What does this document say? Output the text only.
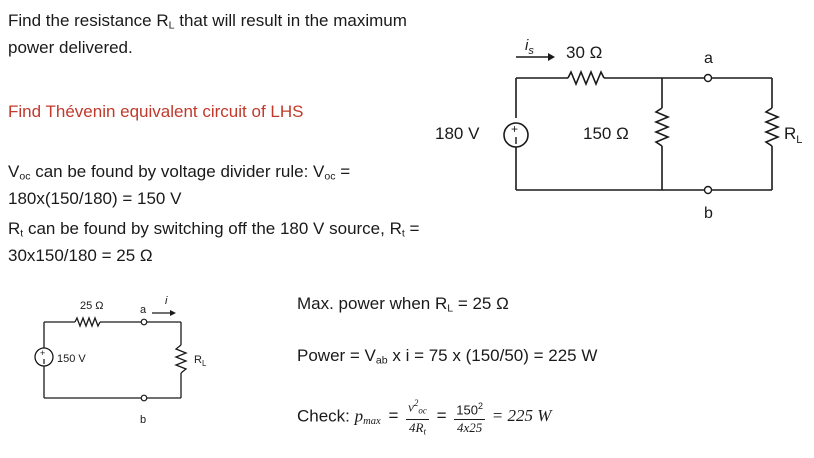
Find the resistance $R_L$ that will result in the maximum
power delivered.
Find Thévenin equivalent circuit of LHS
$V_{oc}$ can be found by voltage divider rule: $V_{oc}$ =
180x(150/180) = 150 V
$R_t$ can be found by switching off the 180 V source, $R_t$ =
30x150/180 = 25 Ω
Max. power when $R_L = 25$ Ω
Power = $V_{ab}$ x i = 75 x (150/50) = 225 W
Check: $p_{max} = \frac{v^2_{oc}}{4R_t} = \frac{150^2}{4x25} = 225$ W
+
$i_s$ 30 Ω
150 Ω
180 V
a
b
$R_L$
+
25 Ω	a
b
i
150 V	$R_L$
